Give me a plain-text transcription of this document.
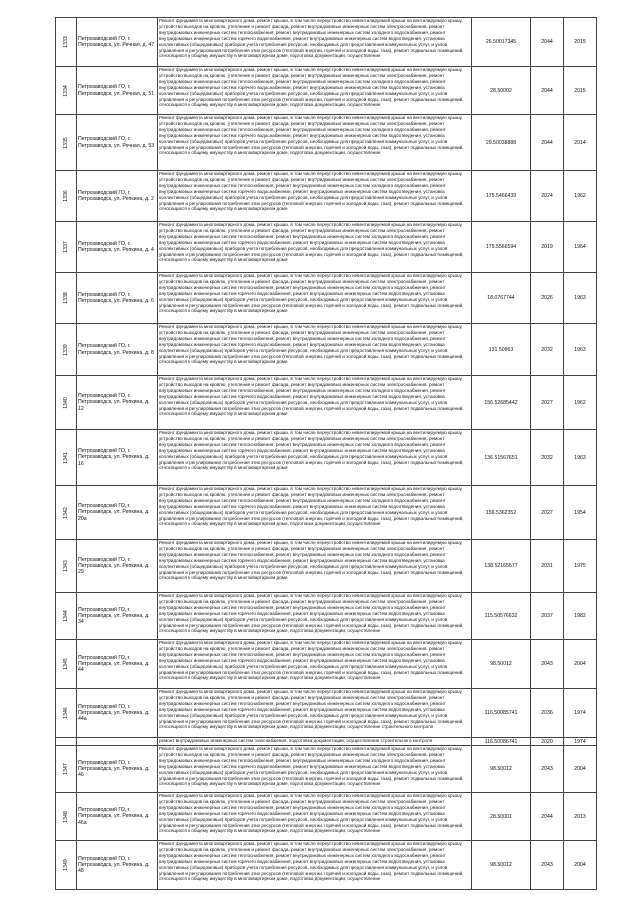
1333	Петрозаводский ГО, г. Петрозаводск, ул. Речная, д. 47	Ремонт фундамента многоквартирного дома, ремонт крыши, в том числе переустройство невентилируемой крыши на вентилируемую крышу, устройство выходов на кровлю, утепление и ремонт фасада, ремонт внутридомовых инженерных систем электроснабжения, ремонт внутридомовых инженерных систем теплоснабжения, ремонт внутридомовых инженерных систем холодного водоснабжения, ремонт внутридомовых инженерных систем горячего водоснабжения, ремонт внутридомовых инженерных систем водоотведения, установка коллективных (общедомовых) приборов учета потребления ресурсов, необходимых для предоставления коммунальных услуг, и узлов управления и регулирования потребления этих ресурсов (тепловой энергии, горячей и холодной воды, газа), ремонт подвальных помещений, относящихся к общему имуществу в многоквартирном доме, подготовка документации, осуществление	26.50017345	2044	2015
1334	Петрозаводский ГО, г. Петрозаводск, ул. Речная, д. 51	Ремонт фундамента многоквартирного дома, ремонт крыши, в том числе переустройство невентилируемой крыши на вентилируемую крышу, устройство выходов на кровлю, утепление и ремонт фасада, ремонт внутридомовых инженерных систем электроснабжения, ремонт внутридомовых инженерных систем теплоснабжения, ремонт внутридомовых инженерных систем холодного водоснабжения, ремонт внутридомовых инженерных систем горячего водоснабжения, ремонт внутридомовых инженерных систем водоотведения, установка коллективных (общедомовых) приборов учета потребления ресурсов, необходимых для предоставления коммунальных услуг, и узлов управления и регулирования потребления этих ресурсов (тепловой энергии, горячей и холодной воды, газа), ремонт подвальных помещений, относящихся к общему имуществу в многоквартирном доме, подготовка документации, осуществление	28.50002	2044	2015
1335	Петрозаводский ГО, г. Петрозаводск, ул. Речная, д. 53	Ремонт фундамента многоквартирного дома, ремонт крыши, в том числе переустройство невентилируемой крыши на вентилируемую крышу, устройство выходов на кровлю, утепление и ремонт фасада, ремонт внутридомовых инженерных систем электроснабжения, ремонт внутридомовых инженерных систем теплоснабжения, ремонт внутридомовых инженерных систем холодного водоснабжения, ремонт внутридомовых инженерных систем горячего водоснабжения, ремонт внутридомовых инженерных систем водоотведения, установка коллективных (общедомовых) приборов учета потребления ресурсов, необходимых для предоставления коммунальных услуг, и узлов управления и регулирования потребления этих ресурсов (тепловой энергии, горячей и холодной воды, газа), ремонт подвальных помещений, относящихся к общему имуществу в многоквартирном доме, подготовка документации, осуществление	29.50038888	2044	2014
1336	Петрозаводский ГО, г. Петрозаводск, ул. Репкина, д. 2	Ремонт фундамента многоквартирного дома, ремонт крыши, в том числе переустройство невентилируемой крыши на вентилируемую крышу, устройство выходов на кровлю, утепление и ремонт фасада, ремонт внутридомовых инженерных систем электроснабжения, ремонт внутридомовых инженерных систем теплоснабжения, ремонт внутридомовых инженерных систем холодного водоснабжения, ремонт внутридомовых инженерных систем горячего водоснабжения, ремонт внутридомовых инженерных систем водоотведения, установка коллективных (общедомовых) приборов учета потребления ресурсов, необходимых для предоставления коммунальных услуг, и узлов управления и регулирования потребления этих ресурсов (тепловой энергии, горячей и холодной воды, газа), ремонт подвальных помещений, относящихся к общему имуществу в многоквартирном доме	175.5466439	2024	1962
1337	Петрозаводский ГО, г. Петрозаводск, ул. Репкина, д. 4	Ремонт фундамента многоквартирного дома, ремонт крыши, в том числе переустройство невентилируемой крыши на вентилируемую крышу, устройство выходов на кровлю, утепление и ремонт фасада, ремонт внутридомовых инженерных систем электроснабжения, ремонт внутридомовых инженерных систем теплоснабжения, ремонт внутридомовых инженерных систем холодного водоснабжения, ремонт внутридомовых инженерных систем горячего водоснабжения, ремонт внутридомовых инженерных систем водоотведения, установка коллективных (общедомовых) приборов учета потребления ресурсов, необходимых для предоставления коммунальных услуг, и узлов управления и регулирования потребления этих ресурсов (тепловой энергии, горячей и холодной воды, газа), ремонт подвальных помещений, относящихся к общему имуществу в многоквартирном доме	175.5566594	2019	1964
1338	Петрозаводский ГО, г. Петрозаводск, ул. Репкина, д. 6	Ремонт фундамента многоквартирного дома, ремонт крыши, в том числе переустройство невентилируемой крыши на вентилируемую крышу, устройство выходов на кровлю, утепление и ремонт фасада, ремонт внутридомовых инженерных систем электроснабжения, ремонт внутридомовых инженерных систем теплоснабжения, ремонт внутридомовых инженерных систем холодного водоснабжения, ремонт внутридомовых инженерных систем горячего водоснабжения, ремонт внутридомовых инженерных систем водоотведения, установка коллективных (общедомовых) приборов учета потребления ресурсов, необходимых для предоставления коммунальных услуг, и узлов управления и регулирования потребления этих ресурсов (тепловой энергии, горячей и холодной воды, газа), ремонт подвальных помещений, относящихся к общему имуществу в многоквартирном доме	18.0767744	2026	1963
1339	Петрозаводский ГО, г. Петрозаводск, ул. Репкина, д. 8	Ремонт фундамента многоквартирного дома, ремонт крыши, в том числе переустройство невентилируемой крыши на вентилируемую крышу, устройство выходов на кровлю, утепление и ремонт фасада, ремонт внутридомовых инженерных систем электроснабжения, ремонт внутридомовых инженерных систем теплоснабжения, ремонт внутридомовых инженерных систем холодного водоснабжения, ремонт внутридомовых инженерных систем горячего водоснабжения, ремонт внутридомовых инженерных систем водоотведения, установка коллективных (общедомовых) приборов учета потребления ресурсов, необходимых для предоставления коммунальных услуг, и узлов управления и регулирования потребления этих ресурсов (тепловой энергии, горячей и холодной воды, газа), ремонт подвальных помещений, относящихся к общему имуществу в многоквартирном доме	131.50963	2032	1963
1340	Петрозаводский ГО, г. Петрозаводск, ул. Репкина, д. 12	Ремонт фундамента многоквартирного дома, ремонт крыши, в том числе переустройство невентилируемой крыши на вентилируемую крышу, устройство выходов на кровлю, утепление и ремонт фасада, ремонт внутридомовых инженерных систем электроснабжения, ремонт внутридомовых инженерных систем теплоснабжения, ремонт внутридомовых инженерных систем холодного водоснабжения, ремонт внутридомовых инженерных систем горячего водоснабжения, ремонт внутридомовых инженерных систем водоотведения, установка коллективных (общедомовых) приборов учета потребления ресурсов, необходимых для предоставления коммунальных услуг, и узлов управления и регулирования потребления этих ресурсов (тепловой энергии, горячей и холодной воды, газа), ремонт подвальных помещений, относящихся к общему имуществу в многоквартирном доме	156.52685442	2027	1962
1341	Петрозаводский ГО, г. Петрозаводск, ул. Репкина, д. 16	Ремонт фундамента многоквартирного дома, ремонт крыши, в том числе переустройство невентилируемой крыши на вентилируемую крышу, устройство выходов на кровлю, утепление и ремонт фасада, ремонт внутридомовых инженерных систем электроснабжения, ремонт внутридомовых инженерных систем теплоснабжения, ремонт внутридомовых инженерных систем холодного водоснабжения, ремонт внутридомовых инженерных систем горячего водоснабжения, ремонт внутридомовых инженерных систем водоотведения, установка коллективных (общедомовых) приборов учета потребления ресурсов, необходимых для предоставления коммунальных услуг, и узлов управления и регулирования потребления этих ресурсов (тепловой энергии, горячей и холодной воды, газа), ремонт подвальных помещений, относящихся к общему имуществу в многоквартирном доме	136.51567651	2032	1963
1342	Петрозаводский ГО, г. Петрозаводск, ул. Репкина, д. 20а	Ремонт фундамента многоквартирного дома, ремонт крыши, в том числе переустройство невентилируемой крыши на вентилируемую крышу, устройство выходов на кровлю, утепление и ремонт фасада, ремонт внутридомовых инженерных систем электроснабжения, ремонт внутридомовых инженерных систем теплоснабжения, ремонт внутридомовых инженерных систем холодного водоснабжения, ремонт внутридомовых инженерных систем горячего водоснабжения, ремонт внутридомовых инженерных систем водоотведения, установка коллективных (общедомовых) приборов учета потребления ресурсов, необходимых для предоставления коммунальных услуг, и узлов управления и регулирования потребления этих ресурсов (тепловой энергии, горячей и холодной воды, газа), ремонт подвальных помещений, относящихся к общему имуществу в многоквартирном доме, подготовка документации, осуществление	156.5362352	2027	1954
1343	Петрозаводский ГО, г. Петрозаводск, ул. Репкина, д. 29	Ремонт фундамента многоквартирного дома, ремонт крыши, в том числе переустройство невентилируемой крыши на вентилируемую крышу, устройство выходов на кровлю, утепление и ремонт фасада, ремонт внутридомовых инженерных систем электроснабжения, ремонт внутридомовых инженерных систем теплоснабжения, ремонт внутридомовых инженерных систем холодного водоснабжения, ремонт внутридомовых инженерных систем горячего водоснабжения, ремонт внутридомовых инженерных систем водоотведения, установка коллективных (общедомовых) приборов учета потребления ресурсов, необходимых для предоставления коммунальных услуг, и узлов управления и регулирования потребления этих ресурсов (тепловой энергии, горячей и холодной воды, газа), ремонт подвальных помещений, относящихся к общему имуществу в многоквартирном доме	138.52165577	2031	1975
1344	Петрозаводский ГО, г. Петрозаводск, ул. Репкина, д. 34	Ремонт фундамента многоквартирного дома, ремонт крыши, в том числе переустройство невентилируемой крыши на вентилируемую крышу, устройство выходов на кровлю, утепление и ремонт фасада, ремонт внутридомовых инженерных систем электроснабжения, ремонт внутридомовых инженерных систем теплоснабжения, ремонт внутридомовых инженерных систем холодного водоснабжения, ремонт внутридомовых инженерных систем горячего водоснабжения, ремонт внутридомовых инженерных систем водоотведения, установка коллективных (общедомовых) приборов учета потребления ресурсов, необходимых для предоставления коммунальных услуг, и узлов управления и регулирования потребления этих ресурсов (тепловой энергии, горячей и холодной воды, газа), ремонт подвальных помещений, относящихся к общему имуществу в многоквартирном доме, подготовка документации, осуществление	115.50576632	2037	1982
1345	Петрозаводский ГО, г. Петрозаводск, ул. Репкина, д. 44	Ремонт фундамента многоквартирного дома, ремонт крыши, в том числе переустройство невентилируемой крыши на вентилируемую крышу, устройство выходов на кровлю, утепление и ремонт фасада, ремонт внутридомовых инженерных систем электроснабжения, ремонт внутридомовых инженерных систем теплоснабжения, ремонт внутридомовых инженерных систем холодного водоснабжения, ремонт внутридомовых инженерных систем горячего водоснабжения, ремонт внутридомовых инженерных систем водоотведения, установка коллективных (общедомовых) приборов учета потребления ресурсов, необходимых для предоставления коммунальных услуг, и узлов управления и регулирования потребления этих ресурсов (тепловой энергии, горячей и холодной воды, газа), ремонт подвальных помещений, относящихся к общему имуществу в многоквартирном доме, подготовка документации, осуществление	98.50012	2043	2004
1346	Петрозаводский ГО, г. Петрозаводск, ул. Репкина, д. 44а	Ремонт фундамента многоквартирного дома, ремонт крыши, в том числе переустройство невентилируемой крыши на вентилируемую крышу, устройство выходов на кровлю, утепление и ремонт фасада, ремонт внутридомовых инженерных систем электроснабжения, ремонт внутридомовых инженерных систем теплоснабжения, ремонт внутридомовых инженерных систем холодного водоснабжения, ремонт внутридомовых инженерных систем горячего водоснабжения, ремонт внутридомовых инженерных систем водоотведения, установка коллективных (общедомовых) приборов учета потребления ресурсов, необходимых для предоставления коммунальных услуг, и узлов управления и регулирования потребления этих ресурсов (тепловой энергии, горячей и холодной воды, газа), ремонт подвальных помещений, относящихся к общему имуществу в многоквартирном доме, подготовка документации, осуществление строительного контроля	116.50085741	2036	1974
		ремонт внутридомовых инженерных систем газоснабжения, подготовка документации, осуществление строительного контроля	116.50086741	2020	1974
1347	Петрозаводский ГО, г. Петрозаводск, ул. Репкина, д. 46	Ремонт фундамента многоквартирного дома, ремонт крыши, в том числе переустройство невентилируемой крыши на вентилируемую крышу, устройство выходов на кровлю, утепление и ремонт фасада, ремонт внутридомовых инженерных систем электроснабжения, ремонт внутридомовых инженерных систем теплоснабжения, ремонт внутридомовых инженерных систем холодного водоснабжения, ремонт внутридомовых инженерных систем горячего водоснабжения, ремонт внутридомовых инженерных систем водоотведения, установка коллективных (общедомовых) приборов учета потребления ресурсов, необходимых для предоставления коммунальных услуг, и узлов управления и регулирования потребления этих ресурсов (тепловой энергии, горячей и холодной воды, газа), ремонт подвальных помещений, относящихся к общему имуществу в многоквартирном доме, подготовка документации, осуществление	98.50012	2043	2004
1348	Петрозаводский ГО, г. Петрозаводск, ул. Репкина, д. 46а	Ремонт фундамента многоквартирного дома, ремонт крыши, в том числе переустройство невентилируемой крыши на вентилируемую крышу, устройство выходов на кровлю, утепление и ремонт фасада, ремонт внутридомовых инженерных систем электроснабжения, ремонт внутридомовых инженерных систем теплоснабжения, ремонт внутридомовых инженерных систем холодного водоснабжения, ремонт внутридомовых инженерных систем горячего водоснабжения, ремонт внутридомовых инженерных систем водоотведения, установка коллективных (общедомовых) приборов учета потребления ресурсов, необходимых для предоставления коммунальных услуг, и узлов управления и регулирования потребления этих ресурсов (тепловой энергии, горячей и холодной воды, газа), ремонт подвальных помещений, относящихся к общему имуществу в многоквартирном доме, подготовка документации, осуществление	28.50001	2044	2013
1349	Петрозаводский ГО, г. Петрозаводск, ул. Репкина, д. 48	Ремонт фундамента многоквартирного дома, ремонт крыши, в том числе переустройство невентилируемой крыши на вентилируемую крышу, устройство выходов на кровлю, утепление и ремонт фасада, ремонт внутридомовых инженерных систем электроснабжения, ремонт внутридомовых инженерных систем теплоснабжения, ремонт внутридомовых инженерных систем холодного водоснабжения, ремонт внутридомовых инженерных систем горячего водоснабжения, ремонт внутридомовых инженерных систем водоотведения, установка коллективных (общедомовых) приборов учета потребления ресурсов, необходимых для предоставления коммунальных услуг, и узлов управления и регулирования потребления этих ресурсов (тепловой энергии, горячей и холодной воды, газа), ремонт подвальных помещений, относящихся к общему имуществу в многоквартирном доме, подготовка документации, осуществление	98.50012	2043	2004
